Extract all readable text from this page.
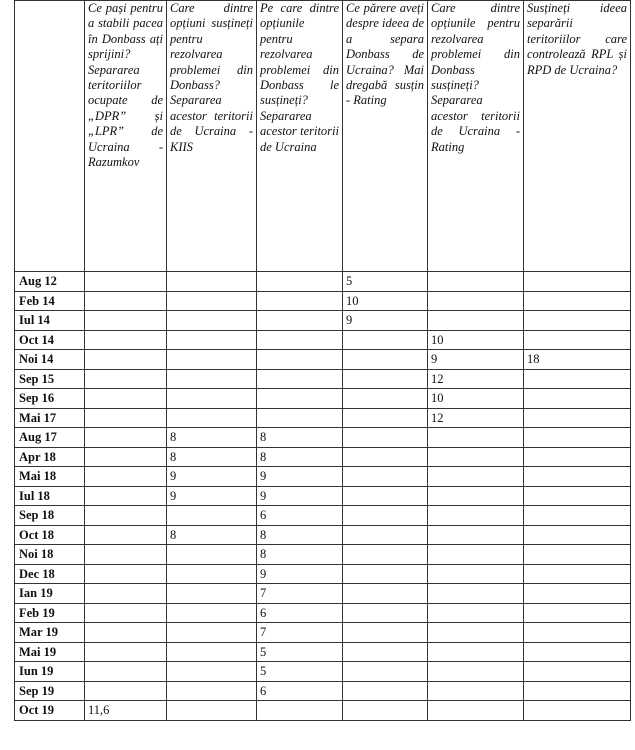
	Ce pași pentru a stabili pacea în Donbass ați sprijini? Separarea teritoriilor ocupate de „DPR” și „LPR” de Ucraina - Razumkov	Care dintre opțiuni susțineți pentru rezolvarea problemei din Donbass? Separarea acestor teritorii de Ucraina - KIIS	Pe care dintre opțiunile pentru rezolvarea problemei din Donbass le susțineți? Separarea acestor teritorii de Ucraina	Ce părere aveți despre ideea de a separa Donbass de Ucraina? Mai dregabă susțin - Rating	Care dintre opțiunile pentru rezolvarea problemei din Donbass susțineți? Separarea acestor teritorii de Ucraina - Rating	Susțineți ideea separării teritoriilor care controlează RPL și RPD de Ucraina?
Aug 12				5		
Feb 14				10		
Iul 14				9		
Oct 14					10	
Noi 14					9	18
Sep 15					12	
Sep 16					10	
Mai 17					12	
Aug 17		8	8			
Apr 18		8	8			
Mai 18		9	9			
Iul 18		9	9			
Sep 18			6			
Oct 18		8	8			
Noi 18			8			
Dec 18			9			
Ian 19			7			
Feb 19			6			
Mar 19			7			
Mai 19			5			
Iun 19			5			
Sep 19			6			
Oct 19	11,6					
